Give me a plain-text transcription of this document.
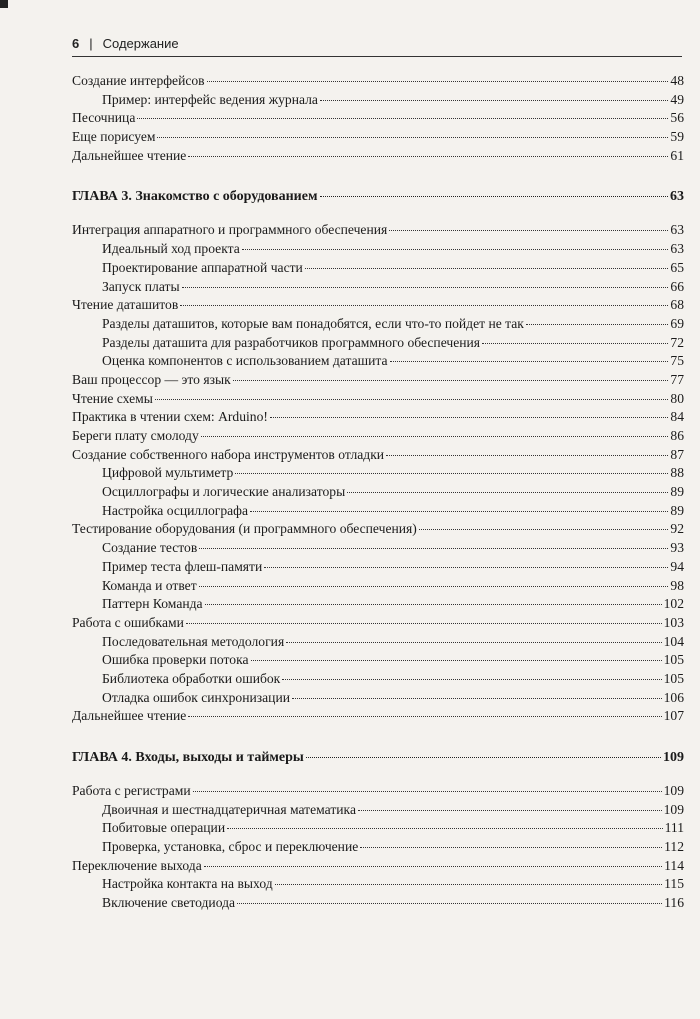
6 | Содержание
Создание интерфейсов	48
Пример: интерфейс ведения журнала	49
Песочница	56
Еще порисуем	59
Дальнейшее чтение	61
ГЛАВА 3. Знакомство с оборудованием	63
Интеграция аппаратного и программного обеспечения	63
Идеальный ход проекта	63
Проектирование аппаратной части	65
Запуск платы	66
Чтение даташитов	68
Разделы даташитов, которые вам понадобятся, если что-то пойдет не так	69
Разделы даташита для разработчиков программного обеспечения	72
Оценка компонентов с использованием даташита	75
Ваш процессор — это язык	77
Чтение схемы	80
Практика в чтении схем: Arduino!	84
Береги плату смолоду	86
Создание собственного набора инструментов отладки	87
Цифровой мультиметр	88
Осциллографы и логические анализаторы	89
Настройка осциллографа	89
Тестирование оборудования (и программного обеспечения)	92
Создание тестов	93
Пример теста флеш-памяти	94
Команда и ответ	98
Паттерн Команда	102
Работа с ошибками	103
Последовательная методология	104
Ошибка проверки потока	105
Библиотека обработки ошибок	105
Отладка ошибок синхронизации	106
Дальнейшее чтение	107
ГЛАВА 4. Входы, выходы и таймеры	109
Работа с регистрами	109
Двоичная и шестнадцатеричная математика	109
Побитовые операции	111
Проверка, установка, сброс и переключение	112
Переключение выхода	114
Настройка контакта на выход	115
Включение светодиода	116
